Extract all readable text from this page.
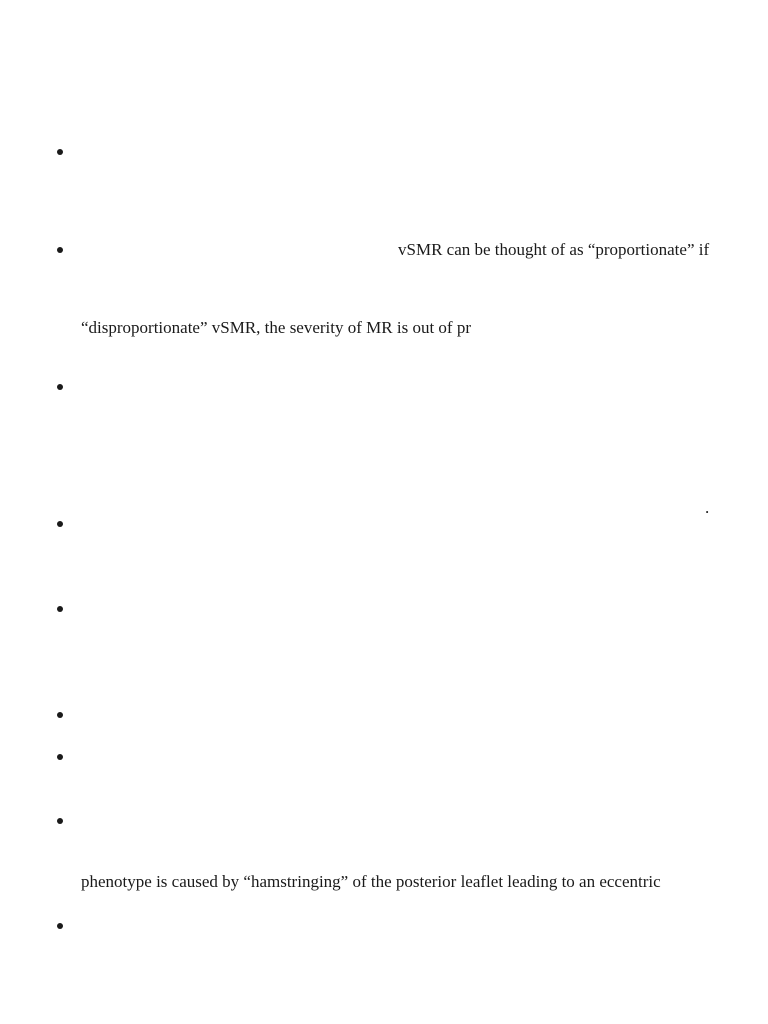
vSMR can be thought of as “proportionate” if
“disproportionate” vSMR, the severity of MR is out of pr
.
phenotype is caused by “hamstringing” of the posterior leaflet leading to an eccentric
